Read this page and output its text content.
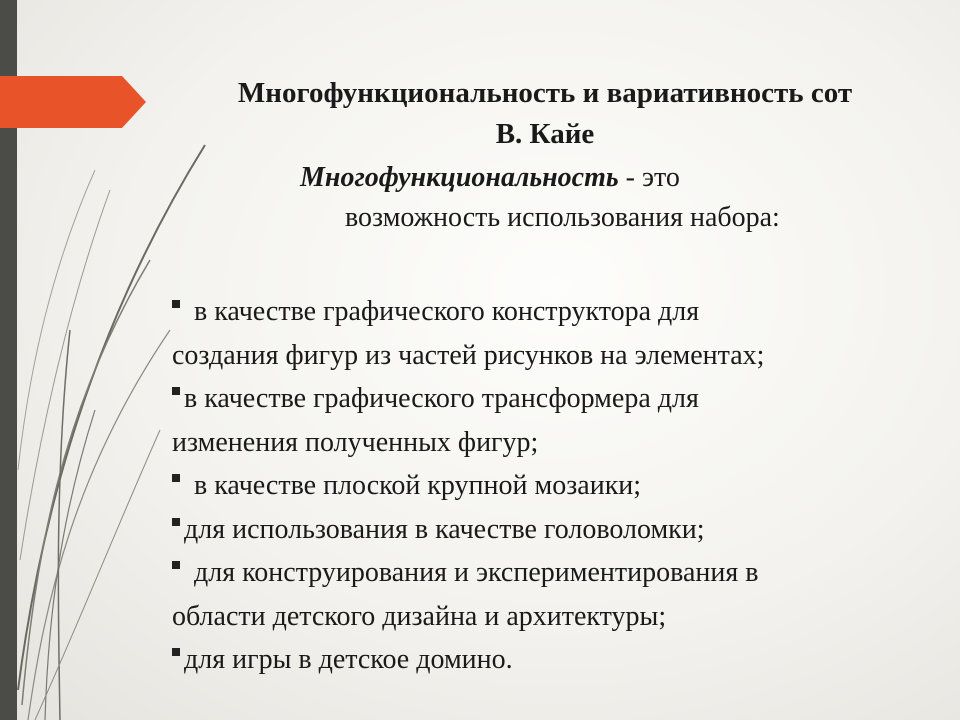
Многофункциональность и вариативность сот
В. Кайе
Многофункциональность - это
возможность использования набора:

в качестве графического конструктора для

создания фигур из частей рисунков на элементах;

в качестве графического трансформера для

изменения полученных фигур;

в качестве плоской крупной мозаики;

для использования в качестве головоломки;

для конструирования и экспериментирования в

области детского дизайна и архитектуры;

для игры в детское домино.
